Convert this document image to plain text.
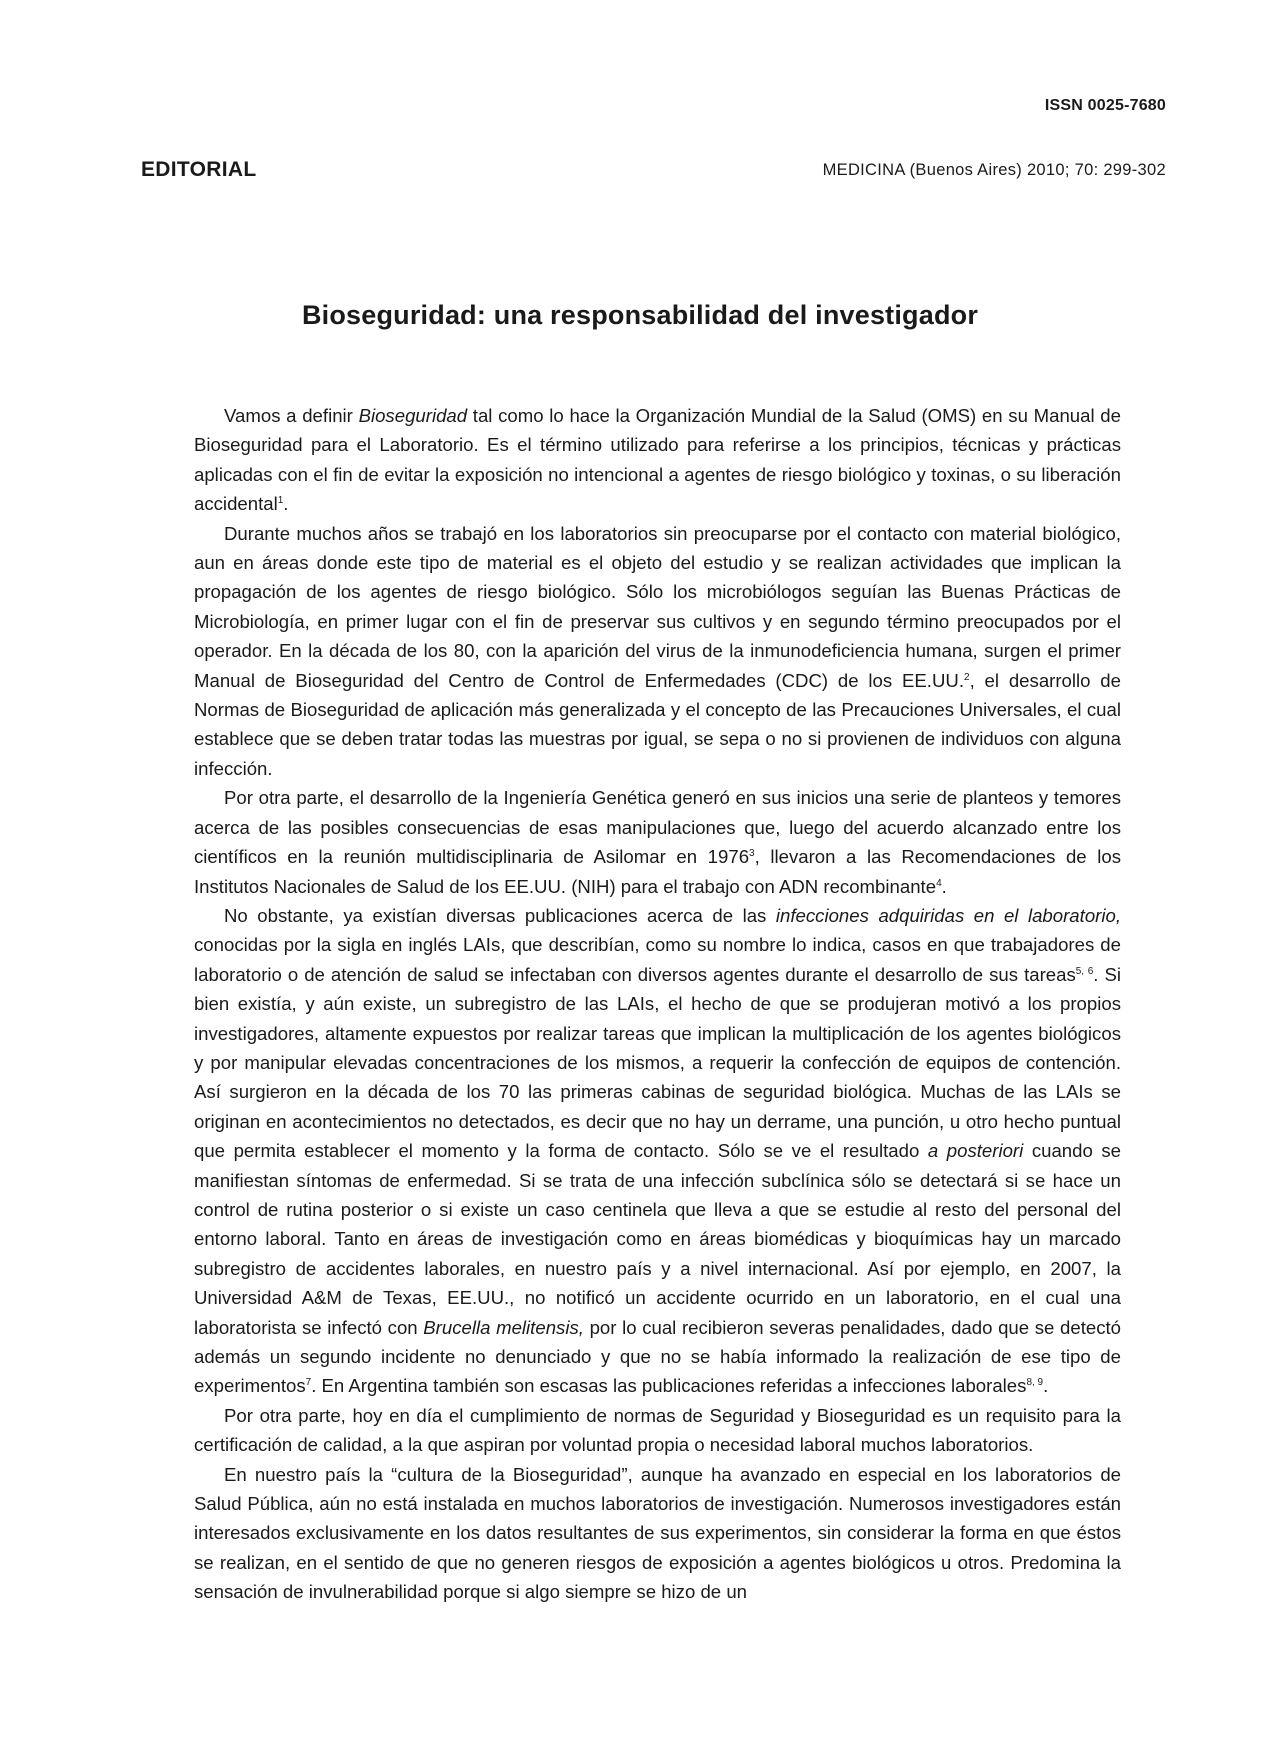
ISSN 0025-7680
EDITORIAL	MEDICINA (Buenos Aires) 2010; 70: 299-302
Bioseguridad: una responsabilidad del investigador

Vamos a definir Bioseguridad tal como lo hace la Organización Mundial de la Salud (OMS) en su Manual de Bioseguridad para el Laboratorio. Es el término utilizado para referirse a los principios, técnicas y prácticas aplicadas con el fin de evitar la exposición no intencional a agentes de riesgo biológico y toxinas, o su liberación accidental$^1$.

Durante muchos años se trabajó en los laboratorios sin preocuparse por el contacto con material biológico, aun en áreas donde este tipo de material es el objeto del estudio y se realizan actividades que implican la propagación de los agentes de riesgo biológico. Sólo los microbiólogos seguían las Buenas Prácticas de Microbiología, en primer lugar con el fin de preservar sus cultivos y en segundo término preocupados por el operador. En la década de los 80, con la aparición del virus de la inmunodeficiencia humana, surgen el primer Manual de Bioseguridad del Centro de Control de Enfermedades (CDC) de los EE.UU.$^2$, el desarrollo de Normas de Bioseguridad de aplicación más generalizada y el concepto de las Precauciones Universales, el cual establece que se deben tratar todas las muestras por igual, se sepa o no si provienen de individuos con alguna infección.

Por otra parte, el desarrollo de la Ingeniería Genética generó en sus inicios una serie de planteos y temores acerca de las posibles consecuencias de esas manipulaciones que, luego del acuerdo alcanzado entre los científicos en la reunión multidisciplinaria de Asilomar en 1976$^3$, llevaron a las Recomendaciones de los Institutos Nacionales de Salud de los EE.UU. (NIH) para el trabajo con ADN recombinante$^4$.

No obstante, ya existían diversas publicaciones acerca de las infecciones adquiridas en el laboratorio, conocidas por la sigla en inglés LAIs, que describían, como su nombre lo indica, casos en que trabajadores de laboratorio o de atención de salud se infectaban con diversos agentes durante el desarrollo de sus tareas$^{5, 6}$. Si bien existía, y aún existe, un subregistro de las LAIs, el hecho de que se produjeran motivó a los propios investigadores, altamente expuestos por realizar tareas que implican la multiplicación de los agentes biológicos y por manipular elevadas concentraciones de los mismos, a requerir la confección de equipos de contención. Así surgieron en la década de los 70 las primeras cabinas de seguridad biológica. Muchas de las LAIs se originan en acontecimientos no detectados, es decir que no hay un derrame, una punción, u otro hecho puntual que permita establecer el momento y la forma de contacto. Sólo se ve el resultado a posteriori cuando se manifiestan síntomas de enfermedad. Si se trata de una infección subclínica sólo se detectará si se hace un control de rutina posterior o si existe un caso centinela que lleva a que se estudie al resto del personal del entorno laboral. Tanto en áreas de investigación como en áreas biomédicas y bioquímicas hay un marcado subregistro de accidentes laborales, en nuestro país y a nivel internacional. Así por ejemplo, en 2007, la Universidad A&M de Texas, EE.UU., no notificó un accidente ocurrido en un laboratorio, en el cual una laboratorista se infectó con Brucella melitensis, por lo cual recibieron severas penalidades, dado que se detectó además un segundo incidente no denunciado y que no se había informado la realización de ese tipo de experimentos$^7$. En Argentina también son escasas las publicaciones referidas a infecciones laborales$^{8, 9}$.

Por otra parte, hoy en día el cumplimiento de normas de Seguridad y Bioseguridad es un requisito para la certificación de calidad, a la que aspiran por voluntad propia o necesidad laboral muchos laboratorios.

En nuestro país la “cultura de la Bioseguridad”, aunque ha avanzado en especial en los laboratorios de Salud Pública, aún no está instalada en muchos laboratorios de investigación. Numerosos investigadores están interesados exclusivamente en los datos resultantes de sus experimentos, sin considerar la forma en que éstos se realizan, en el sentido de que no generen riesgos de exposición a agentes biológicos u otros. Predomina la sensación de invulnerabilidad porque si algo siempre se hizo de un
